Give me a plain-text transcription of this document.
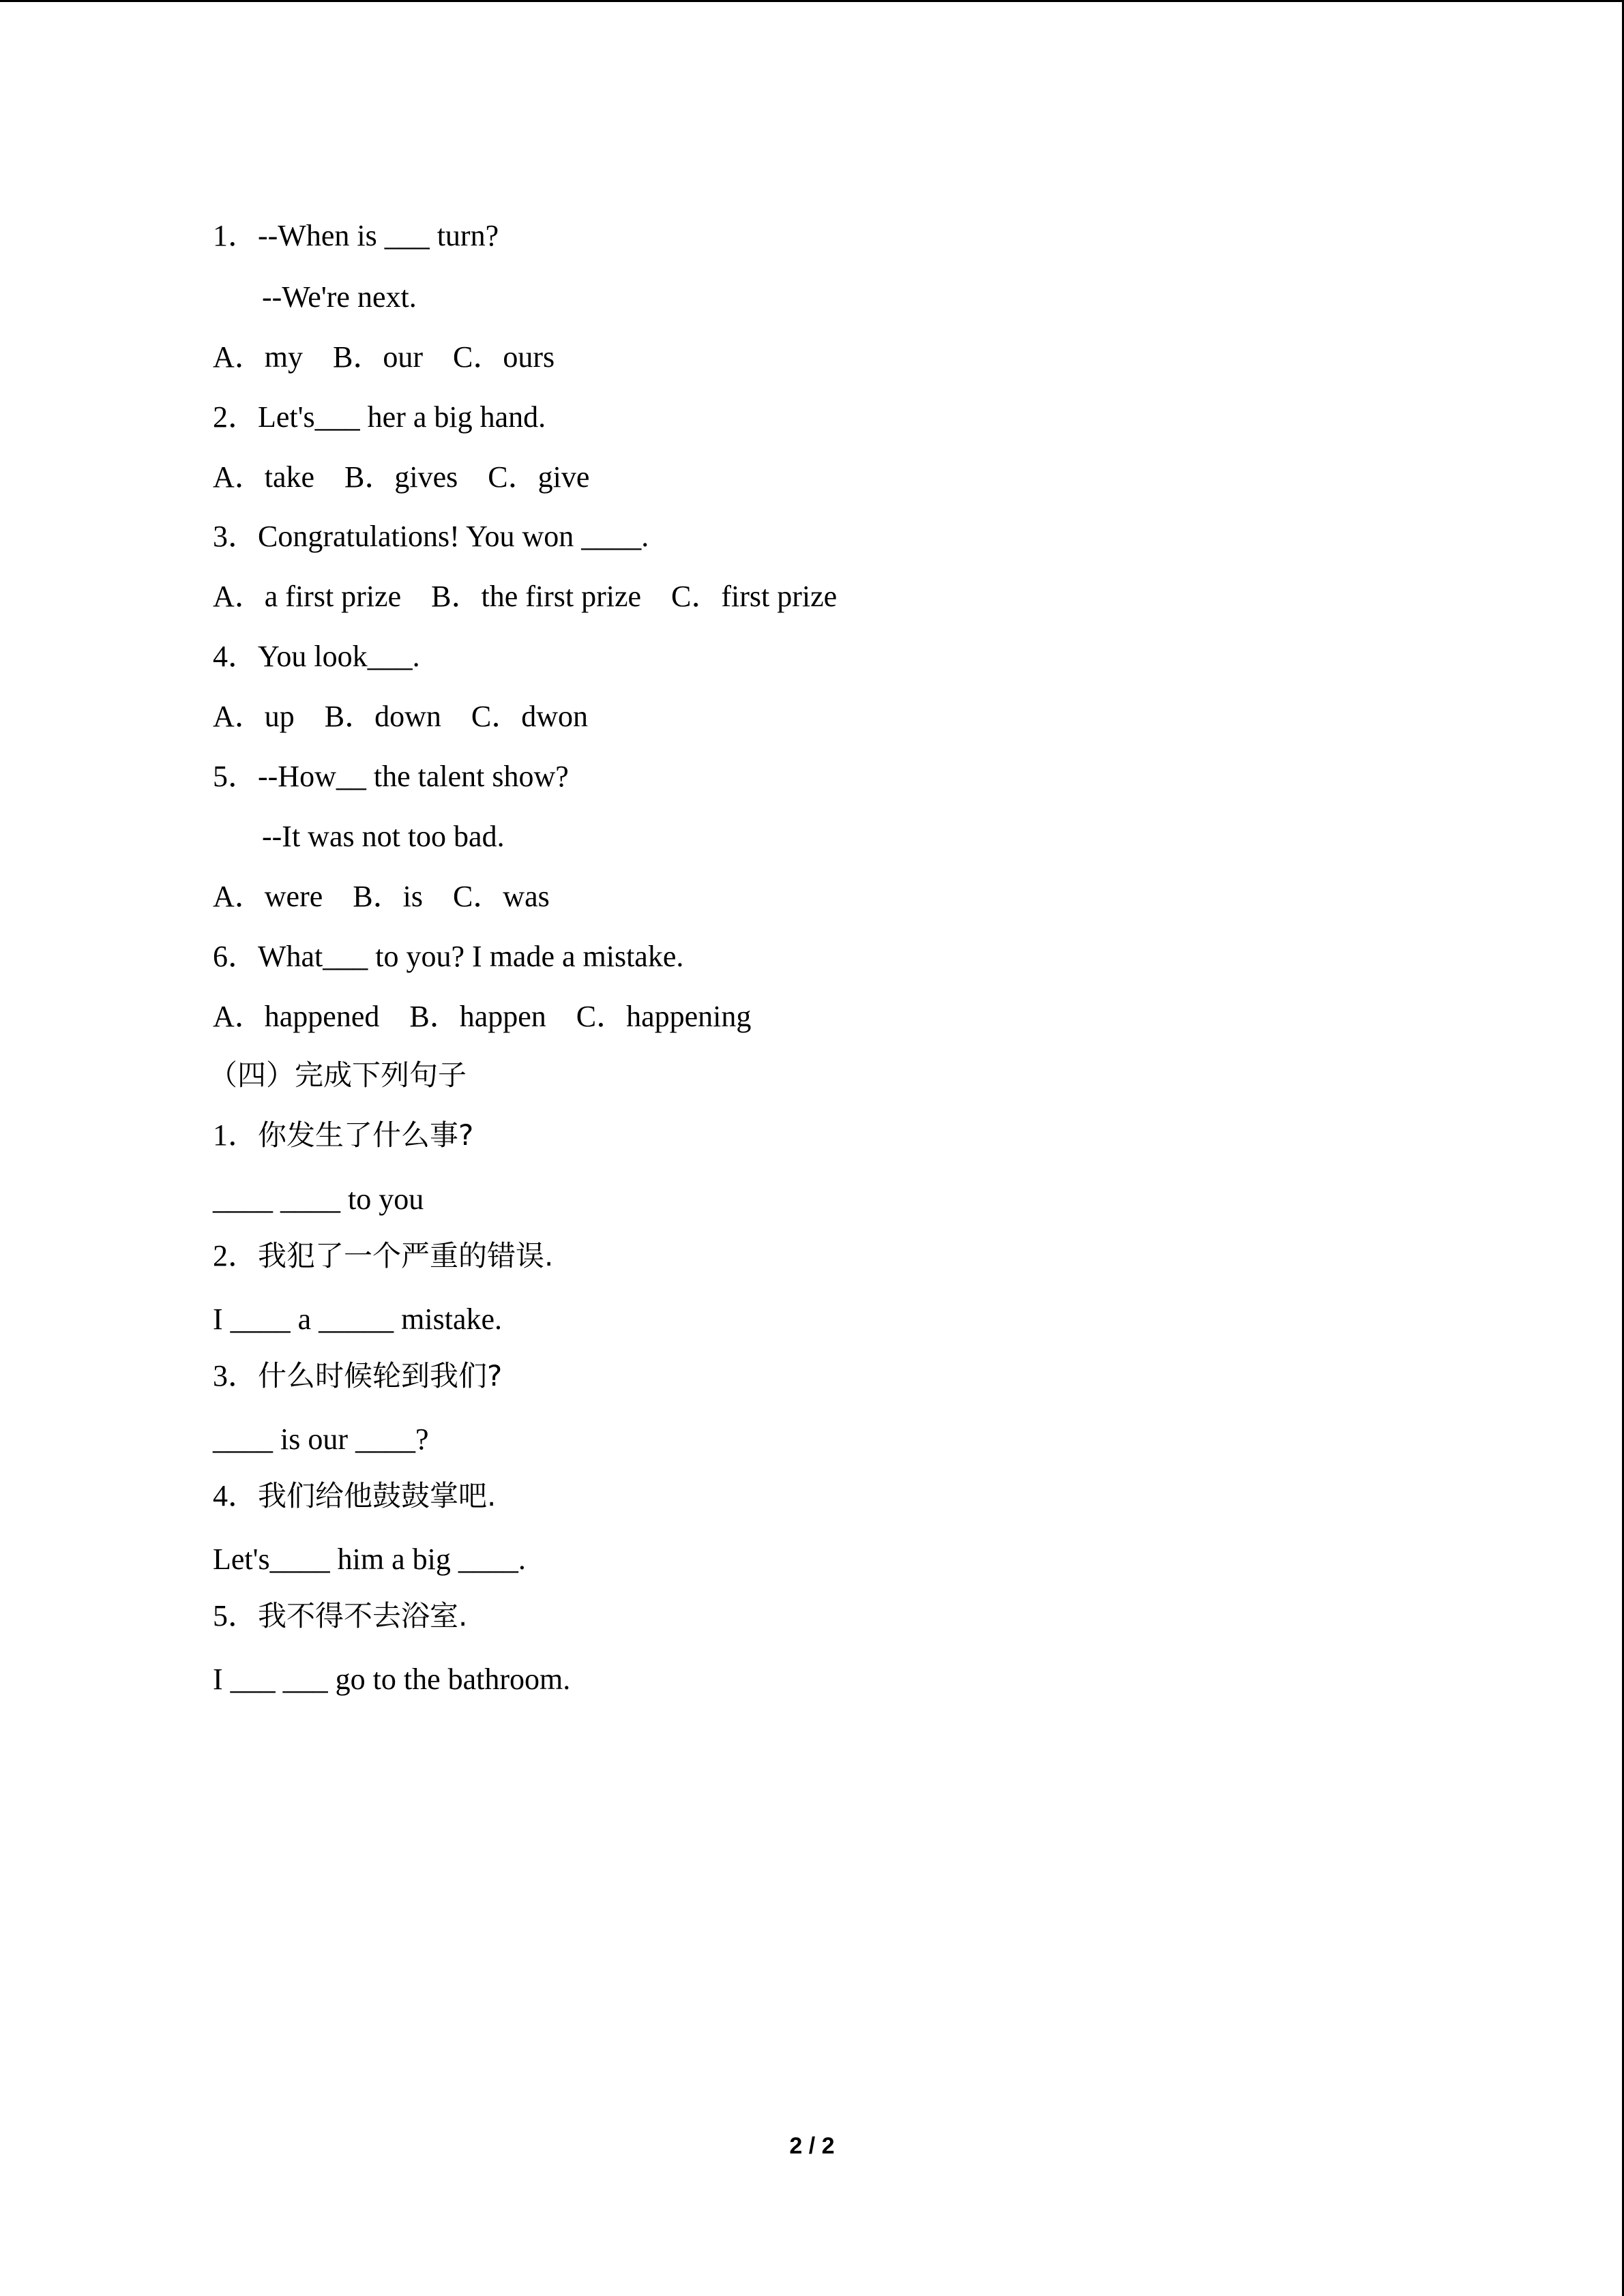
1．--When is ___ turn?
--We're next.
A．my    B．our    C．ours
2．Let's___ her a big hand.
A．take    B．gives    C．give
3．Congratulations! You won ____.
A．a first prize    B．the first prize    C．first prize
4．You look___.
A．up    B．down    C．dwon
5．--How__ the talent show?
--It was not too bad.
A．were    B．is    C．was
6．What___ to you? I made a mistake.
A．happened    B．happen    C．happening
（四）完成下列句子
1．你发生了什么事?
____ ____ to you
2．我犯了一个严重的错误.
I ____ a _____ mistake.
3．什么时候轮到我们?
____ is our ____?
4．我们给他鼓鼓掌吧.
Let's____ him a big ____.
5．我不得不去浴室.
I ___ ___ go to the bathroom.
2 / 2
